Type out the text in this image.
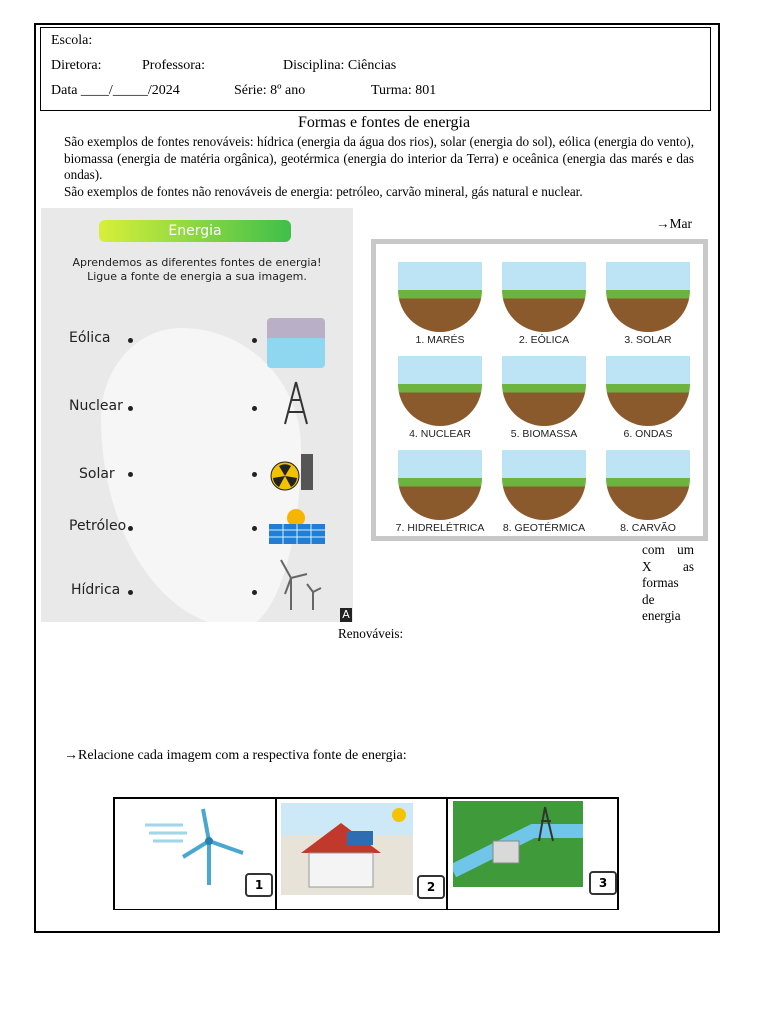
Escola:
Diretora:	Professora:	Disciplina: Ciências
Data ____/_____/2024	Série: 8º ano	Turma: 801
Formas e fontes de energia

São exemplos de fontes renováveis: hídrica (energia da água dos rios), solar (energia do sol), eólica (energia do vento), biomassa (energia de matéria orgânica), geotérmica (energia do interior da Terra) e oceânica (energia das marés e das ondas).

São exemplos de fontes não renováveis de energia: petróleo, carvão mineral, gás natural e nuclear.

Energia
Aprendemos as diferentes fontes de energia!
Ligue a fonte de energia a sua imagem.
Eólica
Nuclear
Solar
Petróleo
Hídrica
A
→Mar
1. MARÉS	2. EÓLICA	3. SOLAR
4. NUCLEAR	5. BIOMASSA	6. ONDAS
7. HIDRELÉTRICA	8. GEOTÉRMICA	8. CARVÃO
com um
X as
formas
de
energia
Renováveis:
→Relacione cada imagem com a respectiva fonte de energia:
1	2	3
